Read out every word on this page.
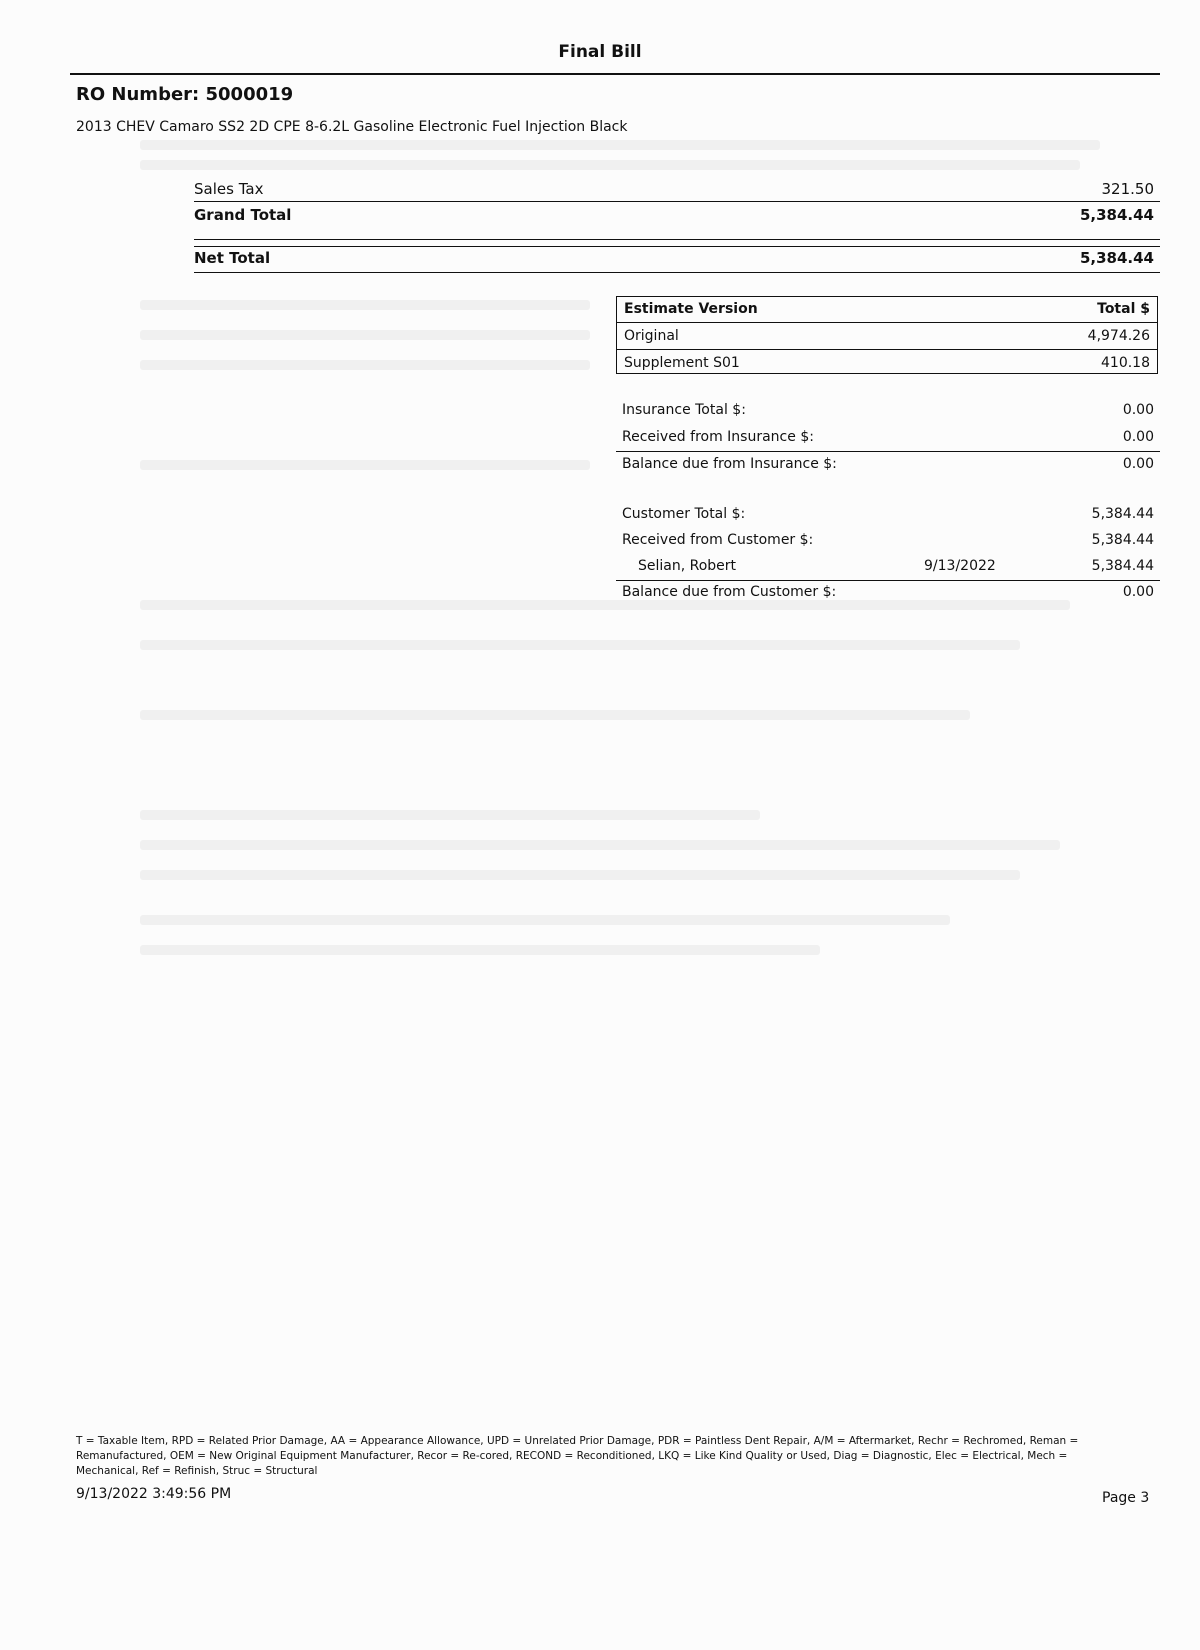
Final Bill
RO Number: 5000019
2013 CHEV Camaro SS2 2D CPE 8-6.2L Gasoline Electronic Fuel Injection Black
Sales Tax	321.50
Grand Total	5,384.44
Net Total	5,384.44
Estimate Version	Total $
Original	4,974.26
Supplement S01	410.18
Insurance Total $:	0.00
Received from Insurance $:	0.00
Balance due from Insurance $:	0.00
Customer Total $:	5,384.44
Received from Customer $:	5,384.44
Selian, Robert	9/13/2022	5,384.44
Balance due from Customer $:	0.00
T = Taxable Item, RPD = Related Prior Damage, AA = Appearance Allowance, UPD = Unrelated Prior Damage, PDR = Paintless Dent Repair, A/M = Aftermarket, Rechr = Rechromed, Reman = Remanufactured, OEM = New Original Equipment Manufacturer, Recor = Re-cored, RECOND = Reconditioned, LKQ = Like Kind Quality or Used, Diag = Diagnostic, Elec = Electrical, Mech = Mechanical, Ref = Refinish, Struc = Structural
9/13/2022 3:49:56 PM	Page 3
